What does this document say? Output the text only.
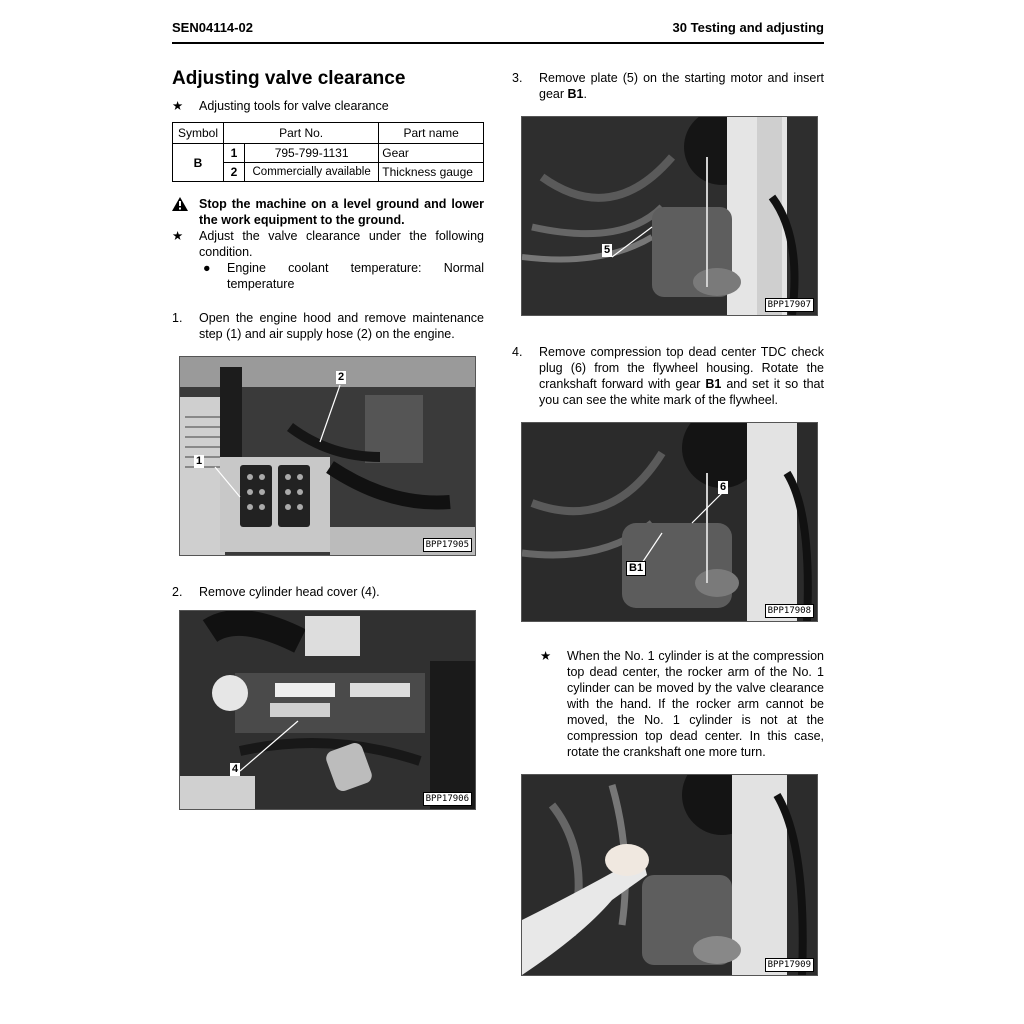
SEN04114-02	30 Testing and adjusting
Adjusting valve clearance
★ Adjusting tools for valve clearance
Symbol	Part No.		Part name
B	1	795-799-1131	Gear
	2	Commercially available	Thickness gauge
Stop the machine on a level ground and lower the work equipment to the ground.
★ Adjust the valve clearance under the following condition.
● Engine coolant temperature: Normal temperature
1. Open the engine hood and remove maintenance step (1) and air supply hose (2) on the engine.
1
2
BPP17905
2. Remove cylinder head cover (4).
4
BPP17906
3. Remove plate (5) on the starting motor and insert gear B1.
5
BPP17907
4. Remove compression top dead center TDC check plug (6) from the flywheel housing. Rotate the crankshaft forward with gear B1 and set it so that you can see the white mark of the flywheel.
6
B1
BPP17908
★ When the No. 1 cylinder is at the compression top dead center, the rocker arm of the No. 1 cylinder can be moved by the valve clearance with the hand. If the rocker arm cannot be moved, the No. 1 cylinder is not at the compression top dead center. In this case, rotate the crankshaft one more turn.
BPP17909
